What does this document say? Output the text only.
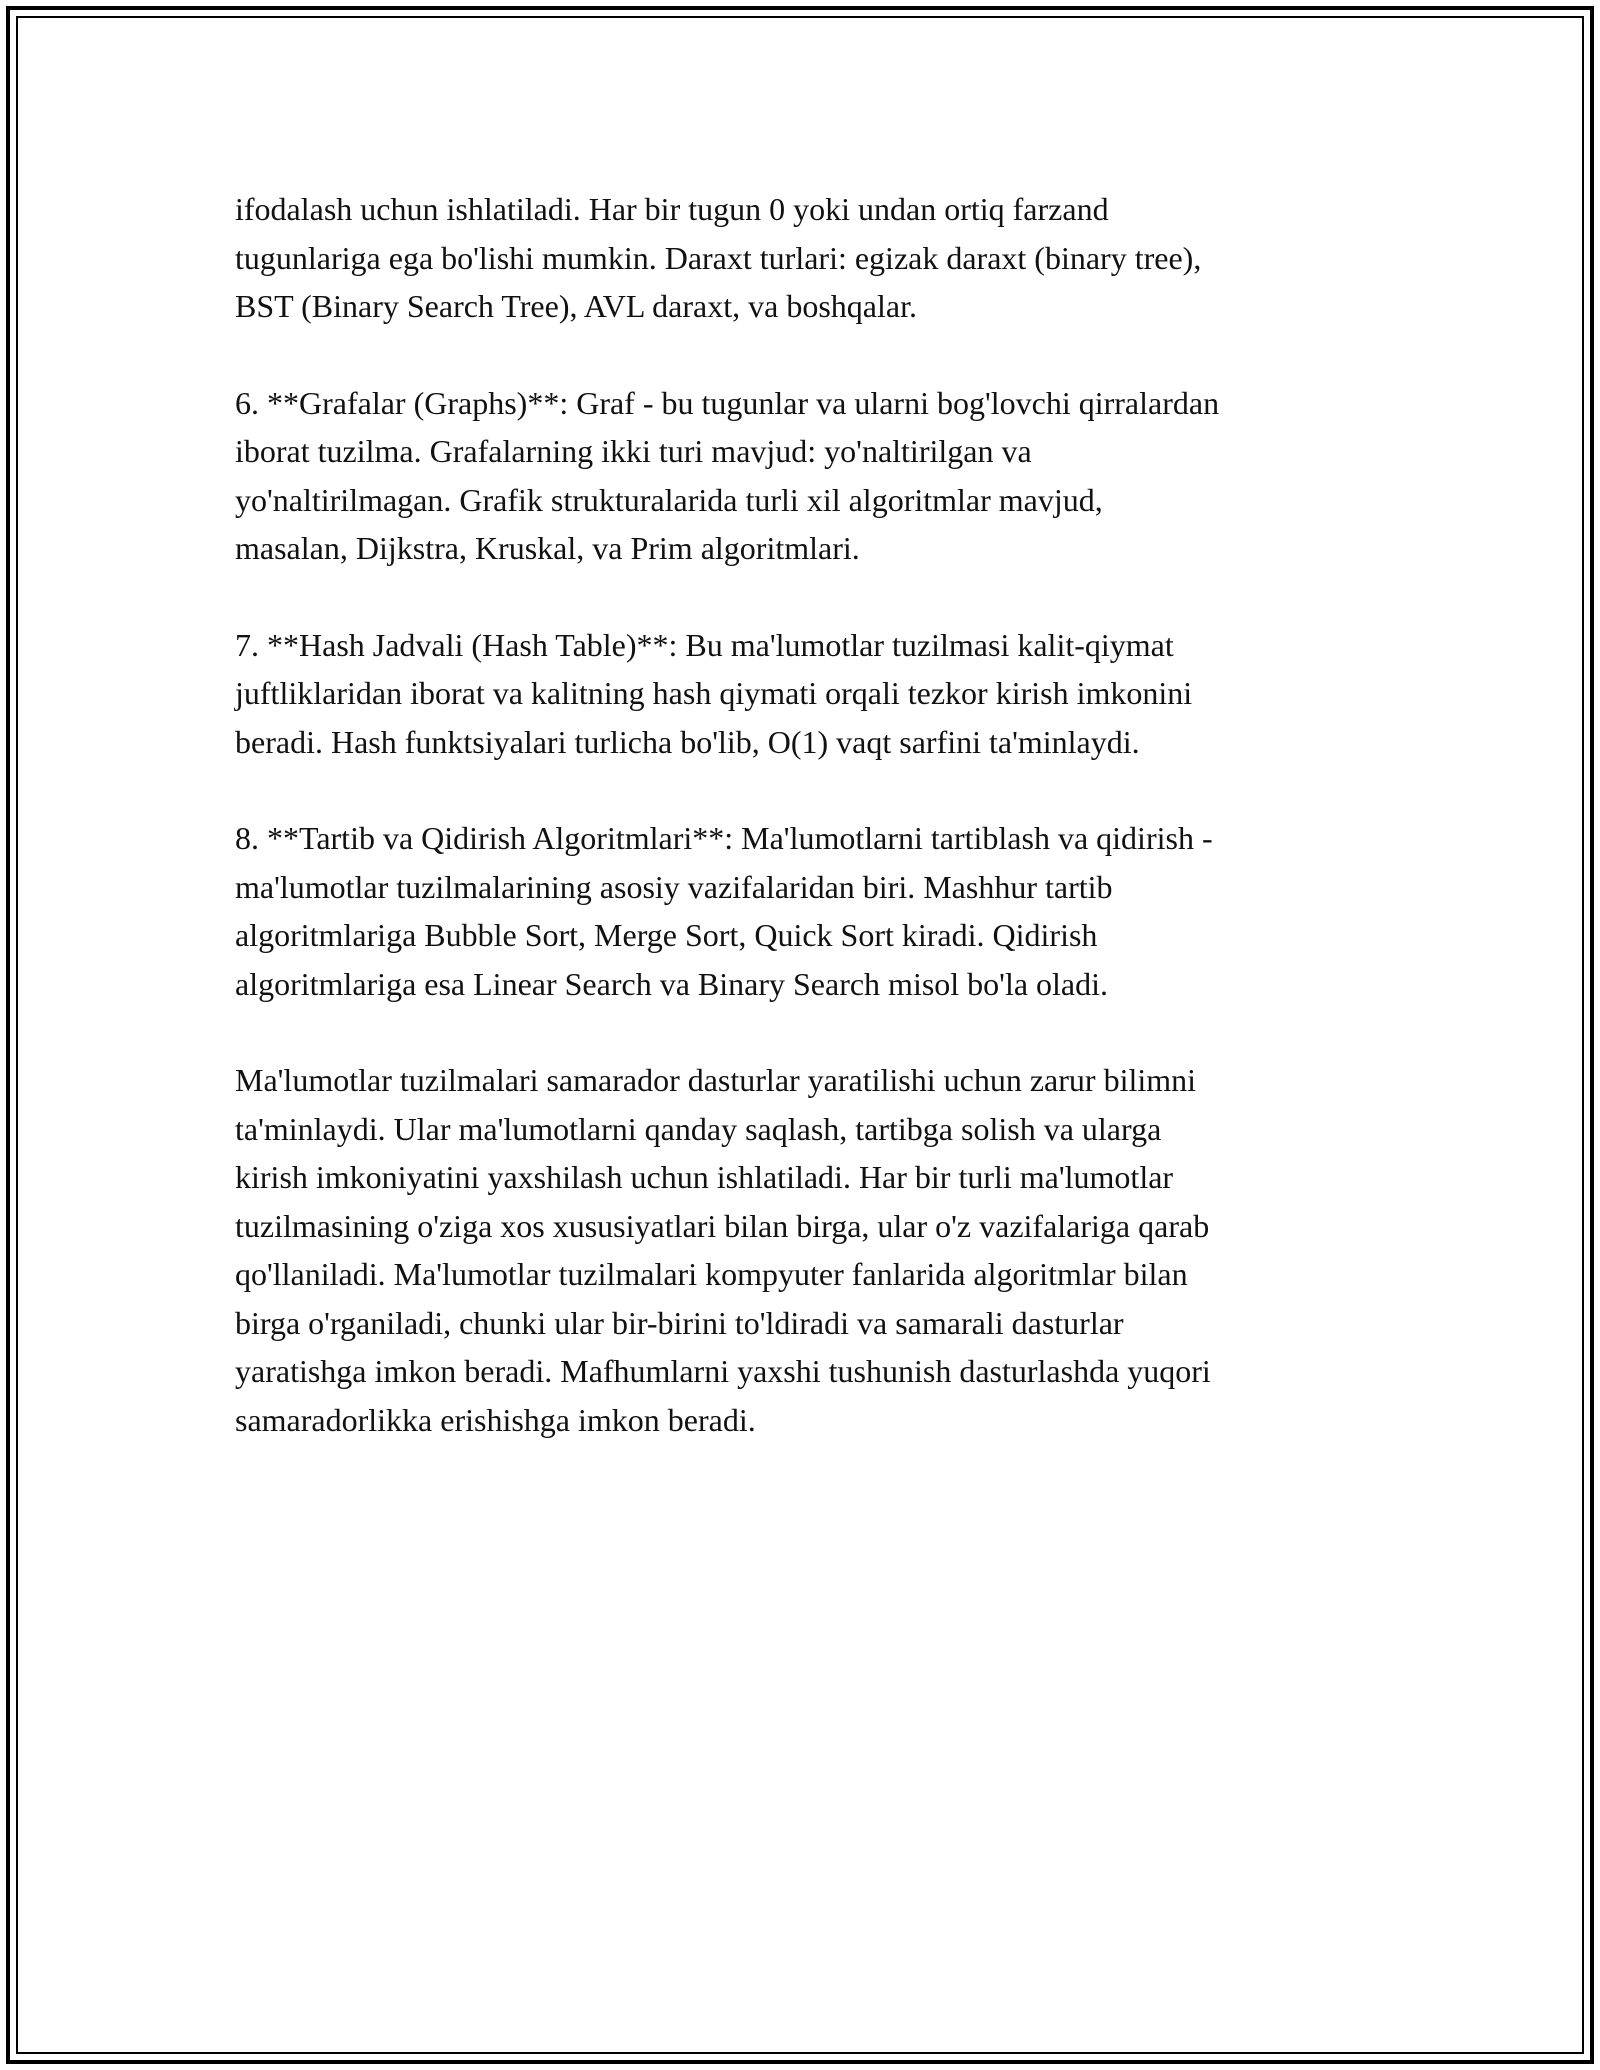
ifodalash uchun ishlatiladi. Har bir tugun 0 yoki undan ortiq farzand
tugunlariga ega bo'lishi mumkin. Daraxt turlari: egizak daraxt (binary tree),
BST (Binary Search Tree), AVL daraxt, va boshqalar.

6. **Grafalar (Graphs)**: Graf - bu tugunlar va ularni bog'lovchi qirralardan
iborat tuzilma. Grafalarning ikki turi mavjud: yo'naltirilgan va
yo'naltirilmagan. Grafik strukturalarida turli xil algoritmlar mavjud,
masalan, Dijkstra, Kruskal, va Prim algoritmlari.

7. **Hash Jadvali (Hash Table)**: Bu ma'lumotlar tuzilmasi kalit-qiymat
juftliklaridan iborat va kalitning hash qiymati orqali tezkor kirish imkonini
beradi. Hash funktsiyalari turlicha bo'lib, O(1) vaqt sarfini ta'minlaydi.

8. **Tartib va Qidirish Algoritmlari**: Ma'lumotlarni tartiblash va qidirish -
ma'lumotlar tuzilmalarining asosiy vazifalaridan biri. Mashhur tartib
algoritmlariga Bubble Sort, Merge Sort, Quick Sort kiradi. Qidirish
algoritmlariga esa Linear Search va Binary Search misol bo'la oladi.

Ma'lumotlar tuzilmalari samarador dasturlar yaratilishi uchun zarur bilimni
ta'minlaydi. Ular ma'lumotlarni qanday saqlash, tartibga solish va ularga
kirish imkoniyatini yaxshilash uchun ishlatiladi. Har bir turli ma'lumotlar
tuzilmasining o'ziga xos xususiyatlari bilan birga, ular o'z vazifalariga qarab
qo'llaniladi. Ma'lumotlar tuzilmalari kompyuter fanlarida algoritmlar bilan
birga o'rganiladi, chunki ular bir-birini to'ldiradi va samarali dasturlar
yaratishga imkon beradi. Mafhumlarni yaxshi tushunish dasturlashda yuqori
samaradorlikka erishishga imkon beradi.
